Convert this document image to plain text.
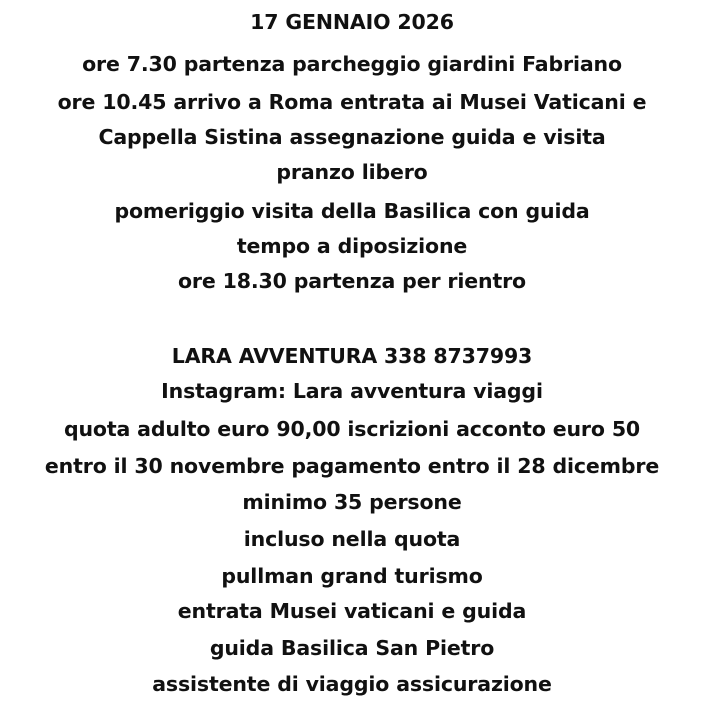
17 GENNAIO 2026
ore 7.30 partenza parcheggio giardini Fabriano
ore 10.45 arrivo a Roma entrata ai Musei Vaticani e
Cappella Sistina assegnazione guida e visita
pranzo libero
pomeriggio visita della Basilica con guida
tempo a diposizione
ore 18.30 partenza per rientro
LARA AVVENTURA 338 8737993
Instagram: Lara avventura viaggi
quota adulto euro 90,00 iscrizioni acconto euro 50
entro il 30 novembre pagamento entro il 28 dicembre
minimo 35 persone
incluso nella quota
pullman grand turismo
entrata Musei vaticani e guida
guida Basilica San Pietro
assistente di viaggio assicurazione
